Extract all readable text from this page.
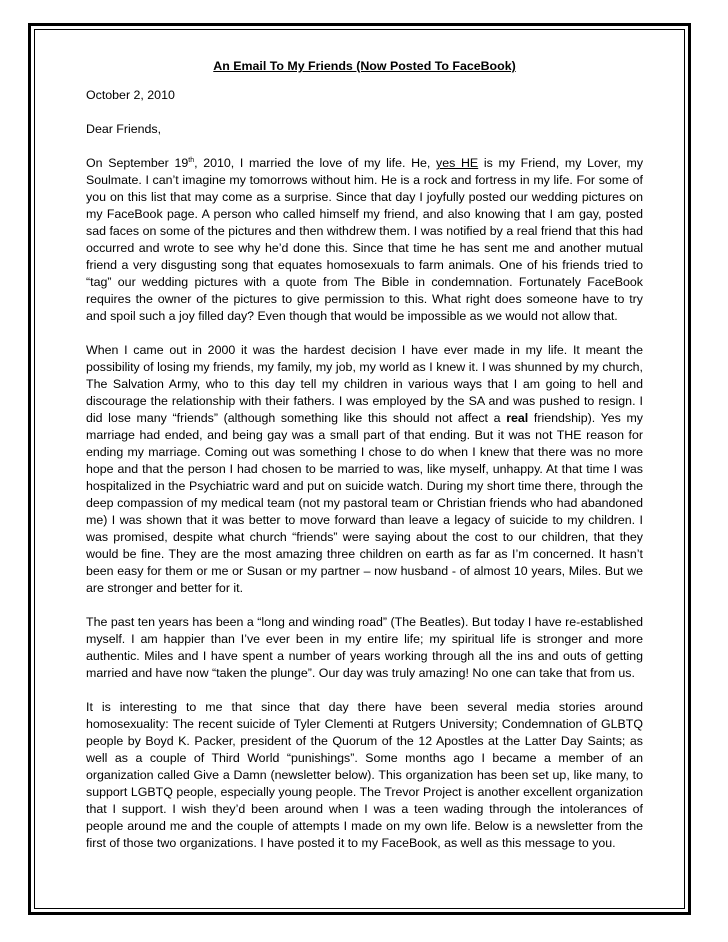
An Email To My Friends (Now Posted To FaceBook)

October 2, 2010

Dear Friends,

On September 19th, 2010, I married the love of my life. He, yes HE is my Friend, my Lover, my Soulmate. I can’t imagine my tomorrows without him. He is a rock and fortress in my life. For some of you on this list that may come as a surprise. Since that day I joyfully posted our wedding pictures on my FaceBook page. A person who called himself my friend, and also knowing that I am gay, posted sad faces on some of the pictures and then withdrew them. I was notified by a real friend that this had occurred and wrote to see why he’d done this. Since that time he has sent me and another mutual friend a very disgusting song that equates homosexuals to farm animals. One of his friends tried to “tag” our wedding pictures with a quote from The Bible in condemnation. Fortunately FaceBook requires the owner of the pictures to give permission to this. What right does someone have to try and spoil such a joy filled day? Even though that would be impossible as we would not allow that.

When I came out in 2000 it was the hardest decision I have ever made in my life. It meant the possibility of losing my friends, my family, my job, my world as I knew it. I was shunned by my church, The Salvation Army, who to this day tell my children in various ways that I am going to hell and discourage the relationship with their fathers. I was employed by the SA and was pushed to resign. I did lose many “friends” (although something like this should not affect a real friendship). Yes my marriage had ended, and being gay was a small part of that ending. But it was not THE reason for ending my marriage. Coming out was something I chose to do when I knew that there was no more hope and that the person I had chosen to be married to was, like myself, unhappy. At that time I was hospitalized in the Psychiatric ward and put on suicide watch. During my short time there, through the deep compassion of my medical team (not my pastoral team or Christian friends who had abandoned me) I was shown that it was better to move forward than leave a legacy of suicide to my children. I was promised, despite what church “friends” were saying about the cost to our children, that they would be fine. They are the most amazing three children on earth as far as I’m concerned. It hasn’t been easy for them or me or Susan or my partner – now husband - of almost 10 years, Miles. But we are stronger and better for it.

The past ten years has been a “long and winding road” (The Beatles). But today I have re-established myself. I am happier than I’ve ever been in my entire life; my spiritual life is stronger and more authentic. Miles and I have spent a number of years working through all the ins and outs of getting married and have now “taken the plunge”. Our day was truly amazing! No one can take that from us.

It is interesting to me that since that day there have been several media stories around homosexuality: The recent suicide of Tyler Clementi at Rutgers University; Condemnation of GLBTQ people by Boyd K. Packer, president of the Quorum of the 12 Apostles at the Latter Day Saints; as well as a couple of Third World “punishings”. Some months ago I became a member of an organization called Give a Damn (newsletter below). This organization has been set up, like many, to support LGBTQ people, especially young people. The Trevor Project is another excellent organization that I support. I wish they’d been around when I was a teen wading through the intolerances of people around me and the couple of attempts I made on my own life. Below is a newsletter from the first of those two organizations. I have posted it to my FaceBook, as well as this message to you.
